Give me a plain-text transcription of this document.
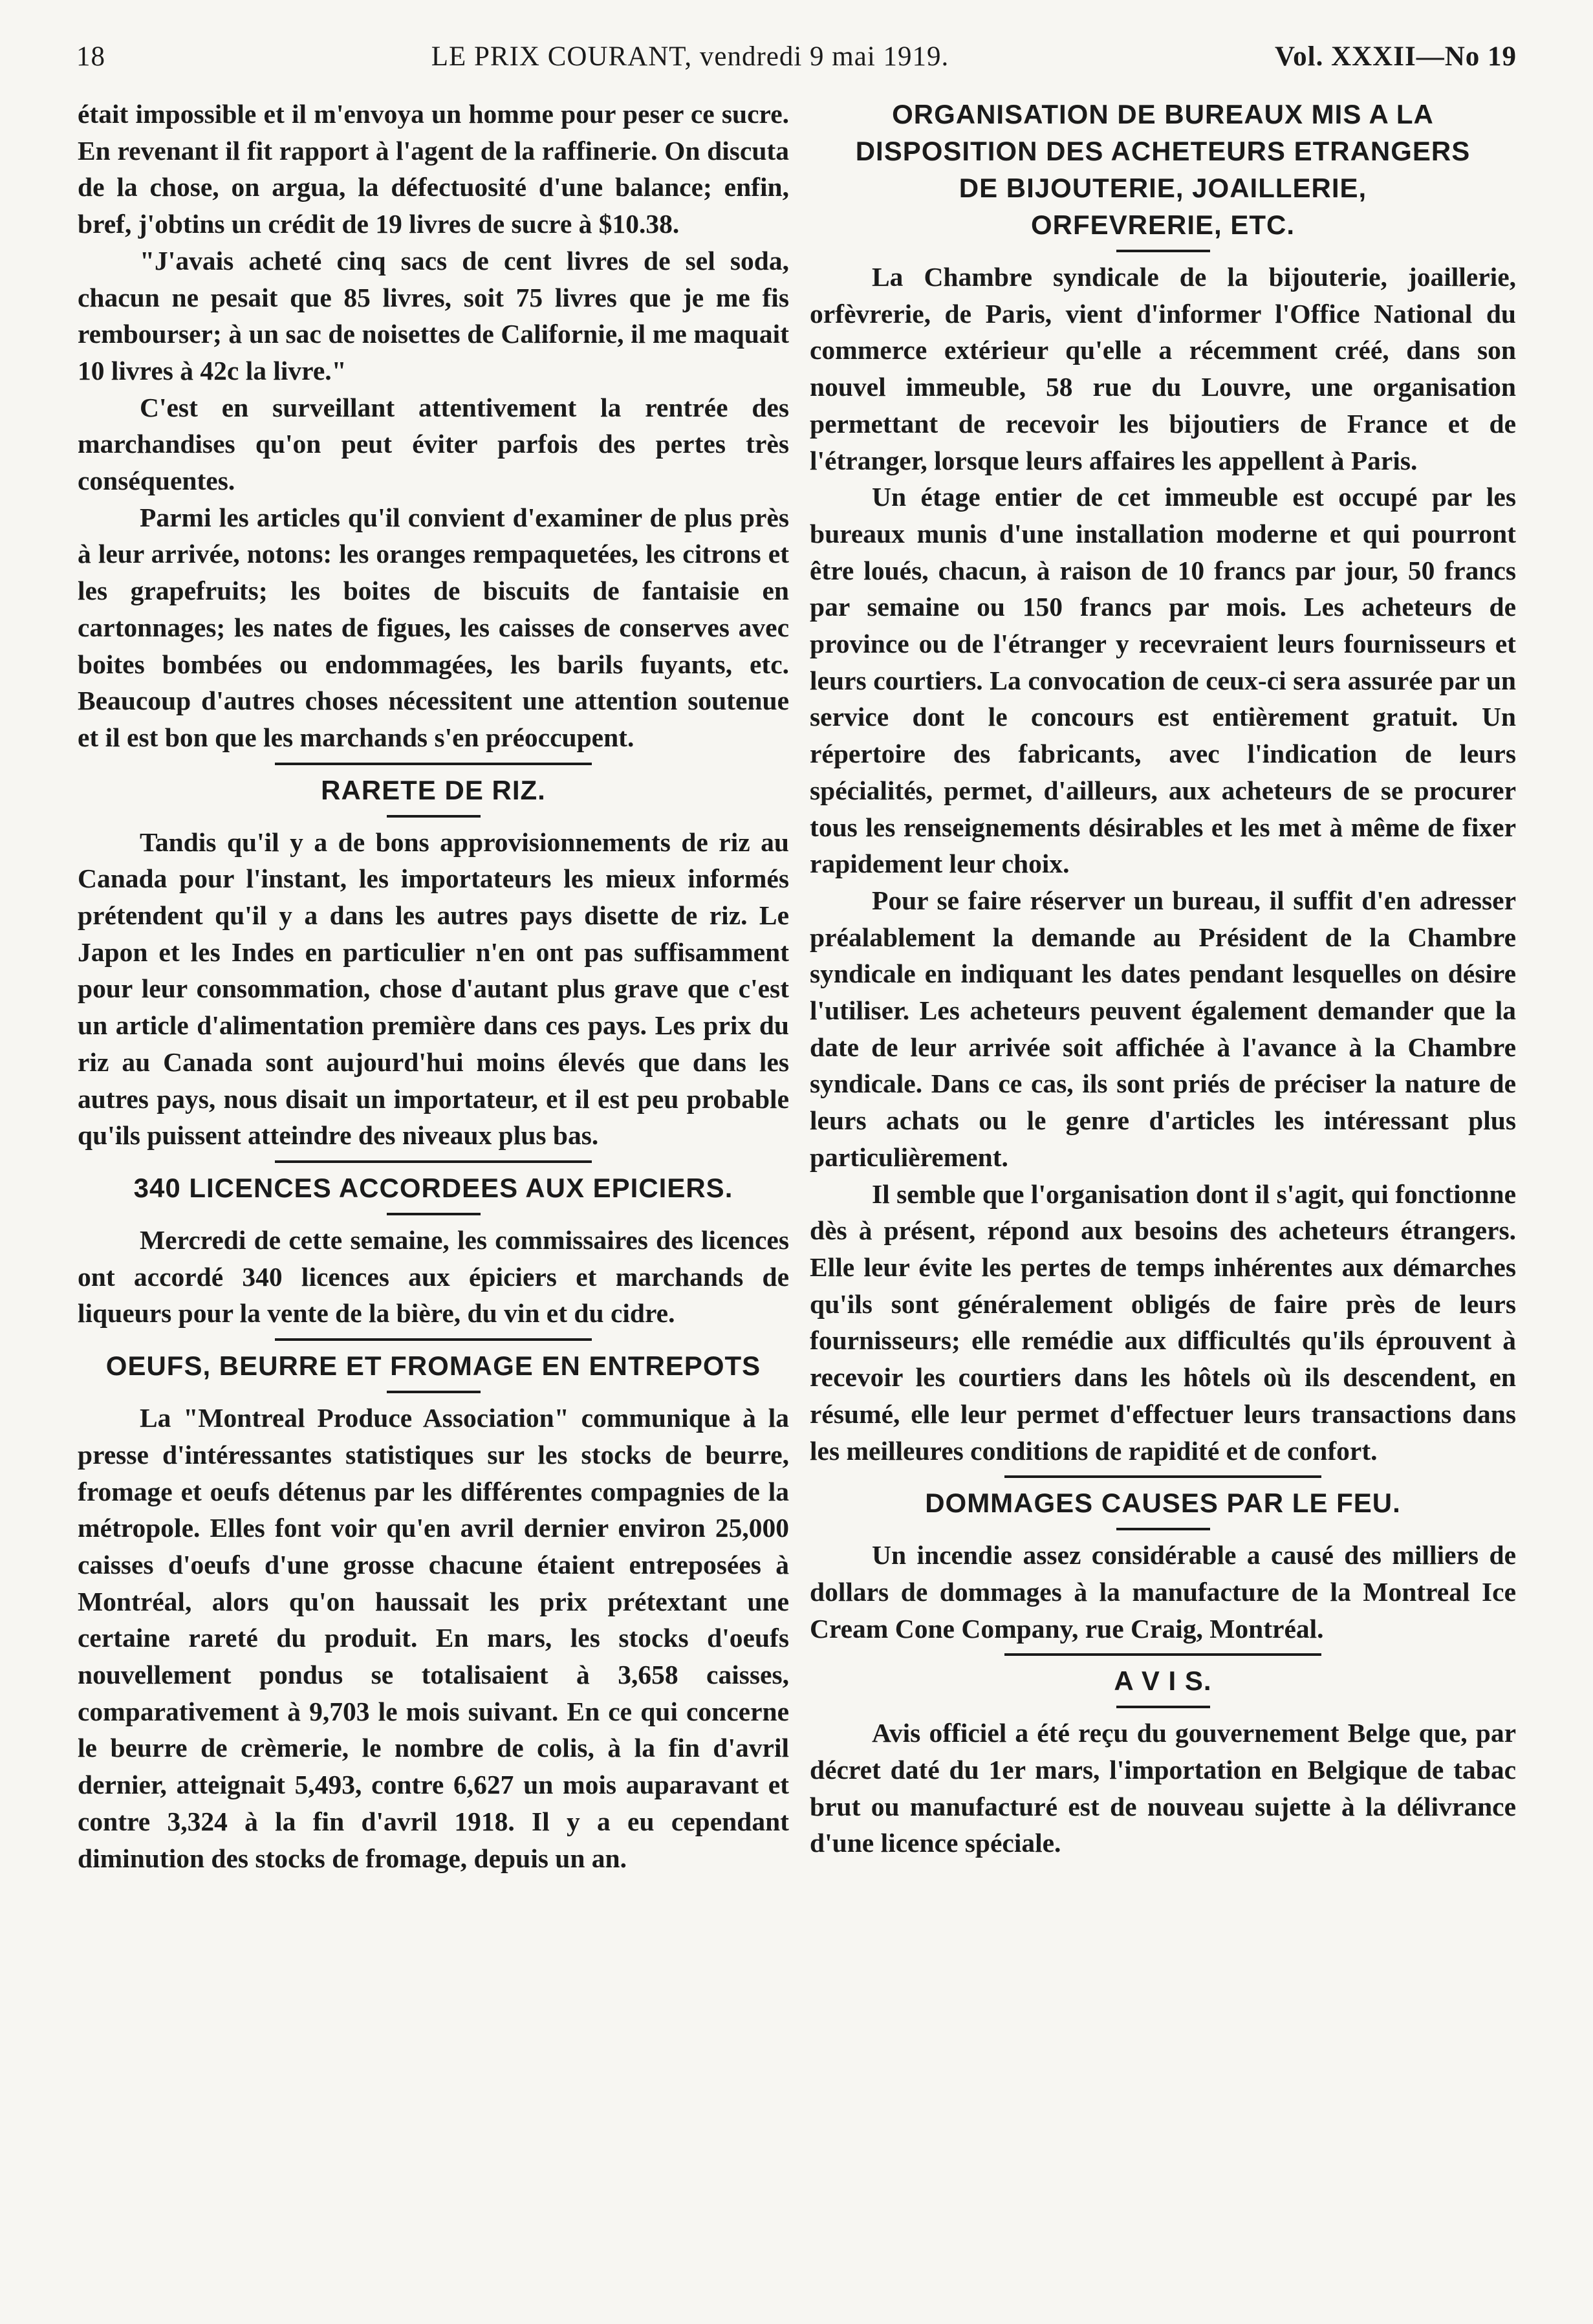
18	LE PRIX COURANT, vendredi 9 mai 1919.	Vol. XXXII—No 19

était impossible et il m'envoya un homme pour peser ce sucre. En revenant il fit rapport à l'agent de la raffinerie. On discuta de la chose, on argua, la défectuosité d'une balance; enfin, bref, j'obtins un crédit de 19 livres de sucre à $10.38.

"J'avais acheté cinq sacs de cent livres de sel soda, chacun ne pesait que 85 livres, soit 75 livres que je me fis rembourser; à un sac de noisettes de Californie, il me maquait 10 livres à 42c la livre."

C'est en surveillant attentivement la rentrée des marchandises qu'on peut éviter parfois des pertes très conséquentes.

Parmi les articles qu'il convient d'examiner de plus près à leur arrivée, notons: les oranges rempaquetées, les citrons et les grapefruits; les boites de biscuits de fantaisie en cartonnages; les nates de figues, les caisses de conserves avec boites bombées ou endommagées, les barils fuyants, etc. Beaucoup d'autres choses nécessitent une attention soutenue et il est bon que les marchands s'en préoccupent.

RARETE DE RIZ.

Tandis qu'il y a de bons approvisionnements de riz au Canada pour l'instant, les importateurs les mieux informés prétendent qu'il y a dans les autres pays disette de riz. Le Japon et les Indes en particulier n'en ont pas suffisamment pour leur consommation, chose d'autant plus grave que c'est un article d'alimentation première dans ces pays. Les prix du riz au Canada sont aujourd'hui moins élevés que dans les autres pays, nous disait un importateur, et il est peu probable qu'ils puissent atteindre des niveaux plus bas.

340 LICENCES ACCORDEES AUX EPICIERS.

Mercredi de cette semaine, les commissaires des licences ont accordé 340 licences aux épiciers et marchands de liqueurs pour la vente de la bière, du vin et du cidre.

OEUFS, BEURRE ET FROMAGE EN ENTREPOTS

La "Montreal Produce Association" communique à la presse d'intéressantes statistiques sur les stocks de beurre, fromage et oeufs détenus par les différentes compagnies de la métropole. Elles font voir qu'en avril dernier environ 25,000 caisses d'oeufs d'une grosse chacune étaient entreposées à Montréal, alors qu'on haussait les prix prétextant une certaine rareté du produit. En mars, les stocks d'oeufs nouvellement pondus se totalisaient à 3,658 caisses, comparativement à 9,703 le mois suivant. En ce qui concerne le beurre de crèmerie, le nombre de colis, à la fin d'avril dernier, atteignait 5,493, contre 6,627 un mois auparavant et contre 3,324 à la fin d'avril 1918. Il y a eu cependant diminution des stocks de fromage, depuis un an.

ORGANISATION DE BUREAUX MIS A LA DISPOSITION DES ACHETEURS ETRANGERS
DE BIJOUTERIE, JOAILLERIE,
ORFEVRERIE, ETC.

La Chambre syndicale de la bijouterie, joaillerie, orfèvrerie, de Paris, vient d'informer l'Office National du commerce extérieur qu'elle a récemment créé, dans son nouvel immeuble, 58 rue du Louvre, une organisation permettant de recevoir les bijoutiers de France et de l'étranger, lorsque leurs affaires les appellent à Paris.

Un étage entier de cet immeuble est occupé par les bureaux munis d'une installation moderne et qui pourront être loués, chacun, à raison de 10 francs par jour, 50 francs par semaine ou 150 francs par mois. Les acheteurs de province ou de l'étranger y recevraient leurs fournisseurs et leurs courtiers. La convocation de ceux-ci sera assurée par un service dont le concours est entièrement gratuit. Un répertoire des fabricants, avec l'indication de leurs spécialités, permet, d'ailleurs, aux acheteurs de se procurer tous les renseignements désirables et les met à même de fixer rapidement leur choix.

Pour se faire réserver un bureau, il suffit d'en adresser préalablement la demande au Président de la Chambre syndicale en indiquant les dates pendant lesquelles on désire l'utiliser. Les acheteurs peuvent également demander que la date de leur arrivée soit affichée à l'avance à la Chambre syndicale. Dans ce cas, ils sont priés de préciser la nature de leurs achats ou le genre d'articles les intéressant plus particulièrement.

Il semble que l'organisation dont il s'agit, qui fonctionne dès à présent, répond aux besoins des acheteurs étrangers. Elle leur évite les pertes de temps inhérentes aux démarches qu'ils sont généralement obligés de faire près de leurs fournisseurs; elle remédie aux difficultés qu'ils éprouvent à recevoir les courtiers dans les hôtels où ils descendent, en résumé, elle leur permet d'effectuer leurs transactions dans les meilleures conditions de rapidité et de confort.

DOMMAGES CAUSES PAR LE FEU.

Un incendie assez considérable a causé des milliers de dollars de dommages à la manufacture de la Montreal Ice Cream Cone Company, rue Craig, Montréal.

A V I S.

Avis officiel a été reçu du gouvernement Belge que, par décret daté du 1er mars, l'importation en Belgique de tabac brut ou manufacturé est de nouveau sujette à la délivrance d'une licence spéciale.
